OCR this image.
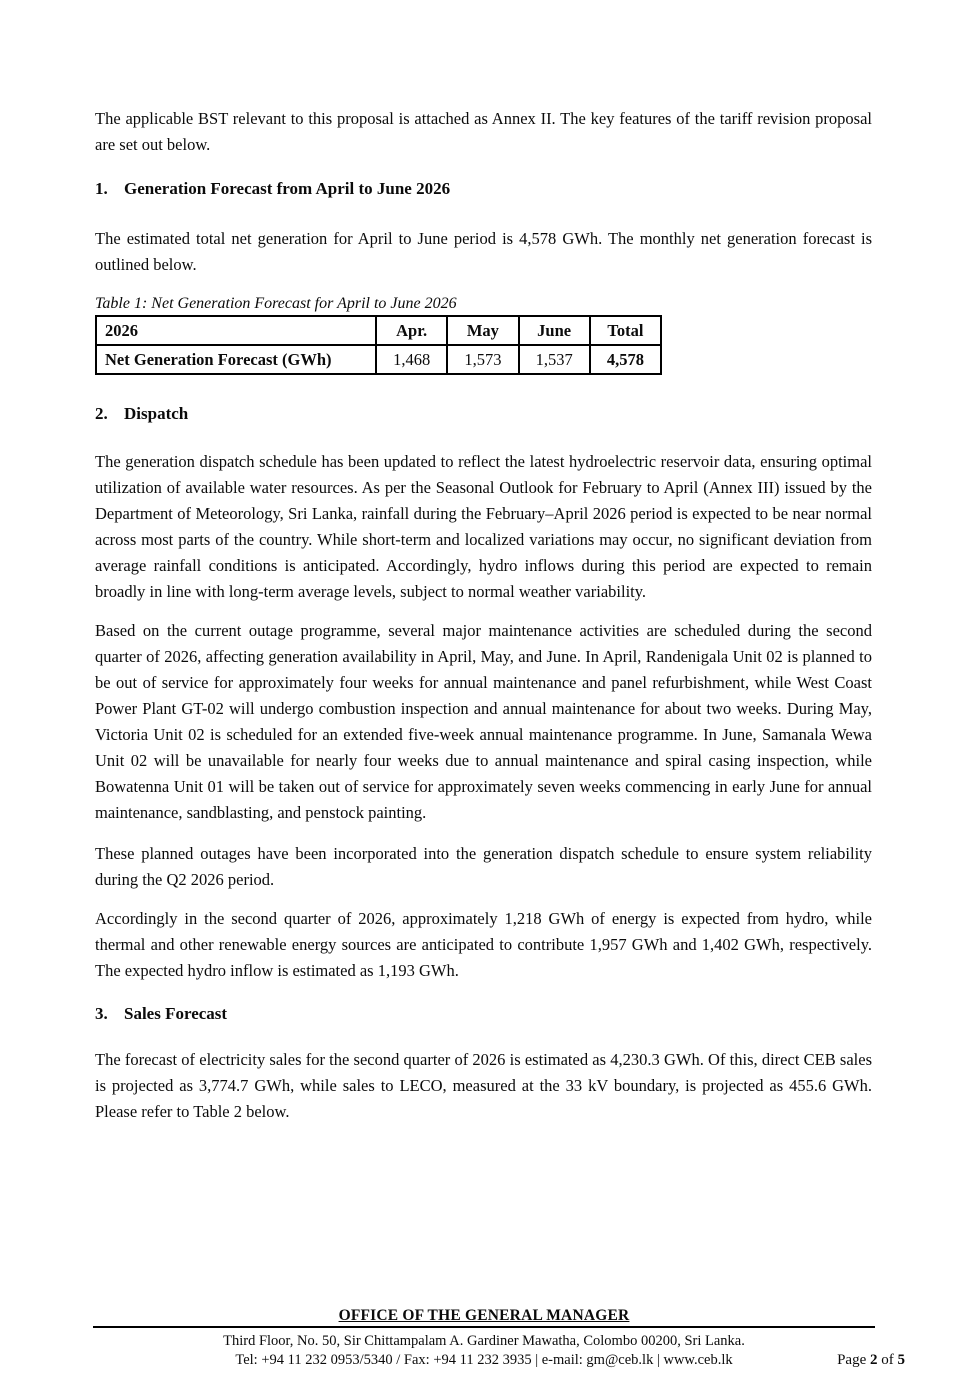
The applicable BST relevant to this proposal is attached as Annex II. The key features of the tariff revision proposal are set out below.

1. Generation Forecast from April to June 2026

The estimated total net generation for April to June period is 4,578 GWh. The monthly net generation forecast is outlined below.

Table 1: Net Generation Forecast for April to June 2026
2026	Apr.	May	June	Total
Net Generation Forecast (GWh)	1,468	1,573	1,537	4,578
2. Dispatch

The generation dispatch schedule has been updated to reflect the latest hydroelectric reservoir data, ensuring optimal utilization of available water resources. As per the Seasonal Outlook for February to April (Annex III) issued by the Department of Meteorology, Sri Lanka, rainfall during the February–April 2026 period is expected to be near normal across most parts of the country. While short-term and localized variations may occur, no significant deviation from average rainfall conditions is anticipated. Accordingly, hydro inflows during this period are expected to remain broadly in line with long-term average levels, subject to normal weather variability.

Based on the current outage programme, several major maintenance activities are scheduled during the second quarter of 2026, affecting generation availability in April, May, and June. In April, Randenigala Unit 02 is planned to be out of service for approximately four weeks for annual maintenance and panel refurbishment, while West Coast Power Plant GT-02 will undergo combustion inspection and annual maintenance for about two weeks. During May, Victoria Unit 02 is scheduled for an extended five-week annual maintenance programme. In June, Samanala Wewa Unit 02 will be unavailable for nearly four weeks due to annual maintenance and spiral casing inspection, while Bowatenna Unit 01 will be taken out of service for approximately seven weeks commencing in early June for annual maintenance, sandblasting, and penstock painting.

These planned outages have been incorporated into the generation dispatch schedule to ensure system reliability during the Q2 2026 period.

Accordingly in the second quarter of 2026, approximately 1,218 GWh of energy is expected from hydro, while thermal and other renewable energy sources are anticipated to contribute 1,957 GWh and 1,402 GWh, respectively. The expected hydro inflow is estimated as 1,193 GWh.

3. Sales Forecast

The forecast of electricity sales for the second quarter of 2026 is estimated as 4,230.3 GWh. Of this, direct CEB sales is projected as 3,774.7 GWh, while sales to LECO, measured at the 33 kV boundary, is projected as 455.6 GWh. Please refer to Table 2 below.

OFFICE OF THE GENERAL MANAGER
Third Floor, No. 50, Sir Chittampalam A. Gardiner Mawatha, Colombo 00200, Sri Lanka.
Tel: +94 11 232 0953/5340 / Fax: +94 11 232 3935 | e-mail: gm@ceb.lk | www.ceb.lk	Page 2 of 5
